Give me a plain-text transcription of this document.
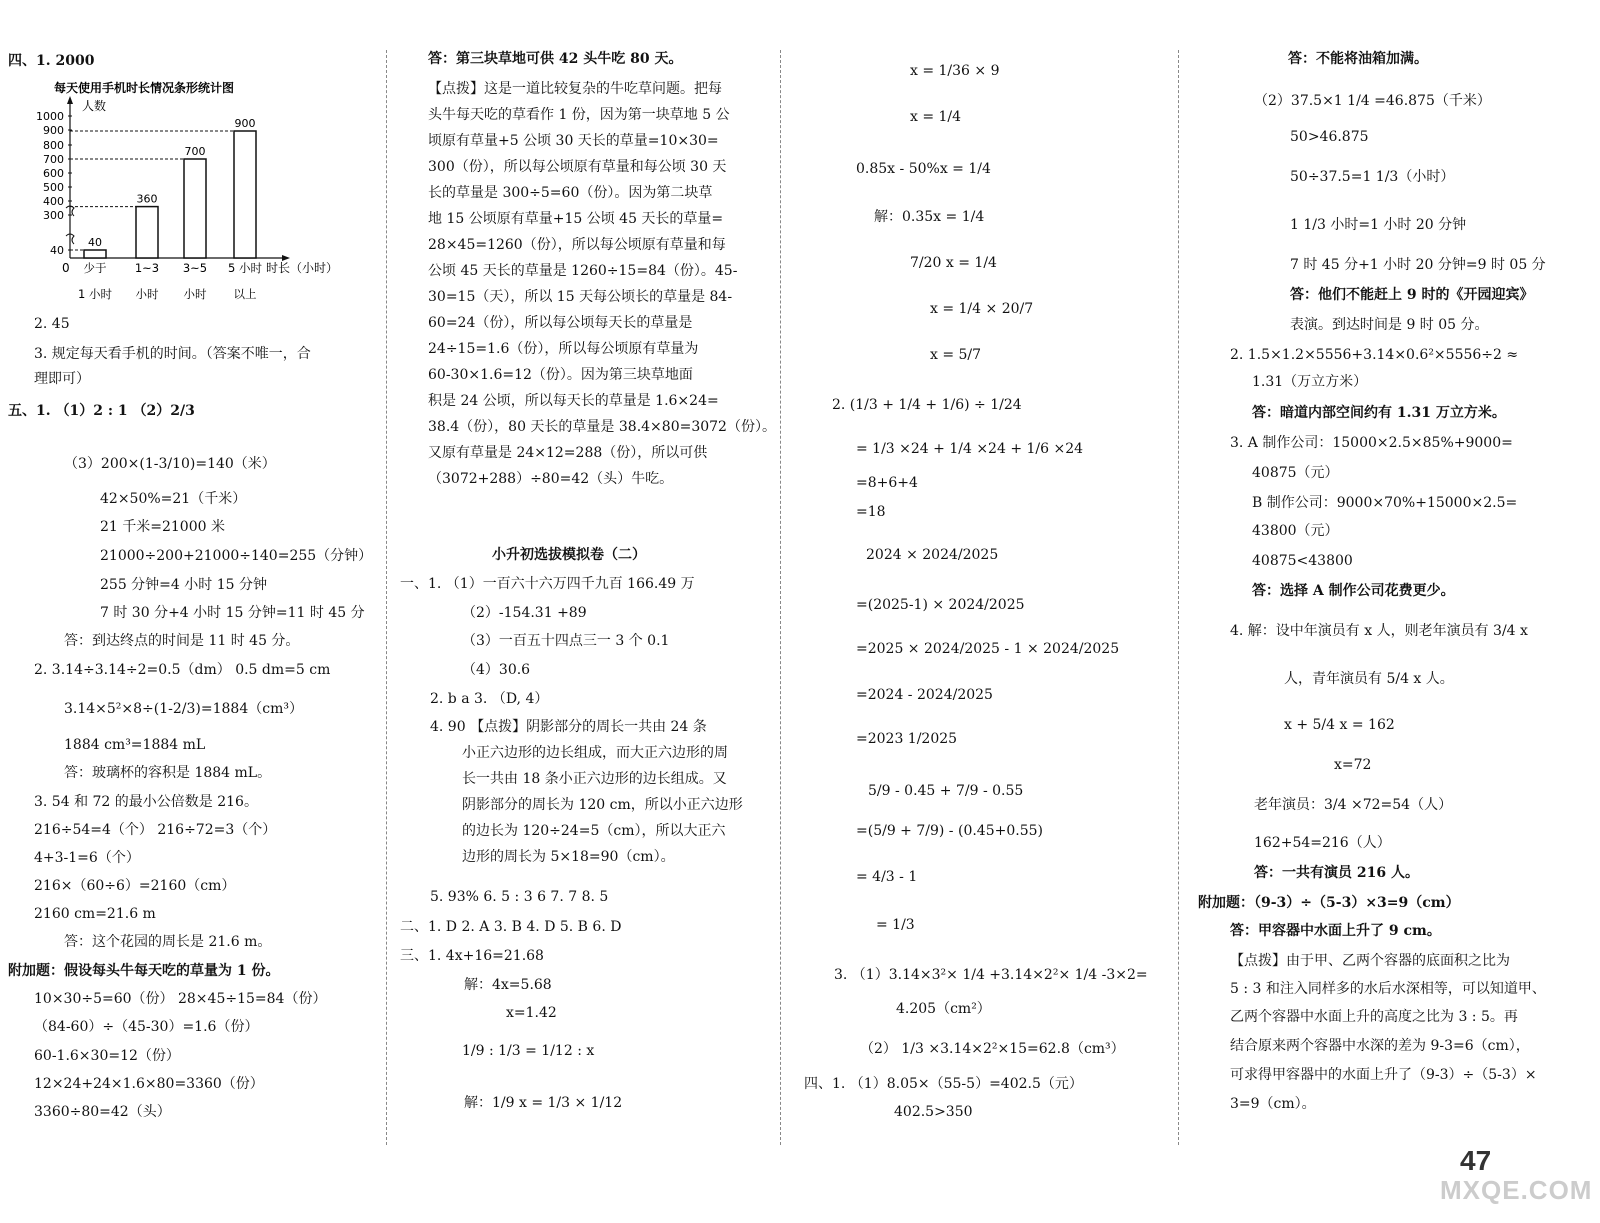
四、1. 2000
每天使用手机时长情况条形统计图
人数
1000
900
800
700
600
500
400
300
40
40
少于
1 小时
360
1~3
小时
700
3~5
小时
900
5 小时
以上
0	时长（小时）
2. 45
3. 规定每天看手机的时间。（答案不唯一，合
理即可）
五、1. （1）2 : 1 （2）2/3
（3）200×(1-3/10)=140（米）
42×50%=21（千米）
21 千米=21000 米
21000÷200+21000÷140=255（分钟）
255 分钟=4 小时 15 分钟
7 时 30 分+4 小时 15 分钟=11 时 45 分
答：到达终点的时间是 11 时 45 分。
2. 3.14÷3.14÷2=0.5（dm） 0.5 dm=5 cm
3.14×5²×8÷(1-2/3)=1884（cm³）
1884 cm³=1884 mL
答：玻璃杯的容积是 1884 mL。
3. 54 和 72 的最小公倍数是 216。
216÷54=4（个） 216÷72=3（个）
4+3-1=6（个）
216×（60÷6）=2160（cm）
2160 cm=21.6 m
答：这个花园的周长是 21.6 m。
附加题：假设每头牛每天吃的草量为 1 份。
10×30÷5=60（份） 28×45÷15=84（份）
（84-60）÷（45-30）=1.6（份）
60-1.6×30=12（份）
12×24+24×1.6×80=3360（份）
3360÷80=42（头）
答：第三块草地可供 42 头牛吃 80 天。
【点拨】这是一道比较复杂的牛吃草问题。把每
头牛每天吃的草看作 1 份，因为第一块草地 5 公
顷原有草量+5 公顷 30 天长的草量=10×30=
300（份），所以每公顷原有草量和每公顷 30 天
长的草量是 300÷5=60（份）。因为第二块草
地 15 公顷原有草量+15 公顷 45 天长的草量=
28×45=1260（份），所以每公顷原有草量和每
公顷 45 天长的草量是 1260÷15=84（份）。45-
30=15（天），所以 15 天每公顷长的草量是 84-
60=24（份），所以每公顷每天长的草量是
24÷15=1.6（份），所以每公顷原有草量为
60-30×1.6=12（份）。因为第三块草地面
积是 24 公顷，所以每天长的草量是 1.6×24=
38.4（份），80 天长的草量是 38.4×80=3072（份）。
又原有草量是 24×12=288（份），所以可供
（3072+288）÷80=42（头）牛吃。
小升初选拔模拟卷（二）
一、1. （1）一百六十六万四千九百 166.49 万
（2）-154.31 +89
（3）一百五十四点三一 3 个 0.1
（4）30.6
2. b a 3. （D, 4）
4. 90 【点拨】阴影部分的周长一共由 24 条
小正六边形的边长组成，而大正六边形的周
长一共由 18 条小正六边形的边长组成。又
阴影部分的周长为 120 cm，所以小正六边形
的边长为 120÷24=5（cm），所以大正六
边形的周长为 5×18=90（cm）。
5. 93% 6. 5 : 3 6 7. 7 8. 5
二、1. D 2. A 3. B 4. D 5. B 6. D
三、1. 4x+16=21.68
解：4x=5.68
x=1.42
1/9 : 1/3 = 1/12 : x
解：1/9 x = 1/3 × 1/12
x = 1/36 × 9
x = 1/4
0.85x - 50%x = 1/4
解：0.35x = 1/4
7/20 x = 1/4
x = 1/4 × 20/7
x = 5/7
2. (1/3 + 1/4 + 1/6) ÷ 1/24
= 1/3 ×24 + 1/4 ×24 + 1/6 ×24
=8+6+4
=18
2024 × 2024/2025
=(2025-1) × 2024/2025
=2025 × 2024/2025 - 1 × 2024/2025
=2024 - 2024/2025
=2023 1/2025
5/9 - 0.45 + 7/9 - 0.55
=(5/9 + 7/9) - (0.45+0.55)
= 4/3 - 1
= 1/3
3. （1）3.14×3²× 1/4 +3.14×2²× 1/4 -3×2=
4.205（cm²）
（2） 1/3 ×3.14×2²×15=62.8（cm³）
四、1. （1）8.05×（55-5）=402.5（元）
402.5>350
答：不能将油箱加满。
（2）37.5×1 1/4 =46.875（千米）
50>46.875
50÷37.5=1 1/3（小时）
1 1/3 小时=1 小时 20 分钟
7 时 45 分+1 小时 20 分钟=9 时 05 分
答：他们不能赶上 9 时的《开园迎宾》
表演。到达时间是 9 时 05 分。
2. 1.5×1.2×5556+3.14×0.6²×5556÷2 ≈
1.31（万立方米）
答：暗道内部空间约有 1.31 万立方米。
3. A 制作公司：15000×2.5×85%+9000=
40875（元）
B 制作公司：9000×70%+15000×2.5=
43800（元）
40875<43800
答：选择 A 制作公司花费更少。
4. 解：设中年演员有 x 人，则老年演员有 3/4 x
人，青年演员有 5/4 x 人。
x + 5/4 x = 162
x=72
老年演员：3/4 ×72=54（人）
162+54=216（人）
答：一共有演员 216 人。
附加题：（9-3）÷（5-3）×3=9（cm）
答：甲容器中水面上升了 9 cm。
【点拨】由于甲、乙两个容器的底面积之比为
5 : 3 和注入同样多的水后水深相等，可以知道甲、
乙两个容器中水面上升的高度之比为 3 : 5。再
结合原来两个容器中水深的差为 9-3=6（cm），
可求得甲容器中的水面上升了（9-3）÷（5-3）×
3=9（cm）。
47
MXQE.COM
